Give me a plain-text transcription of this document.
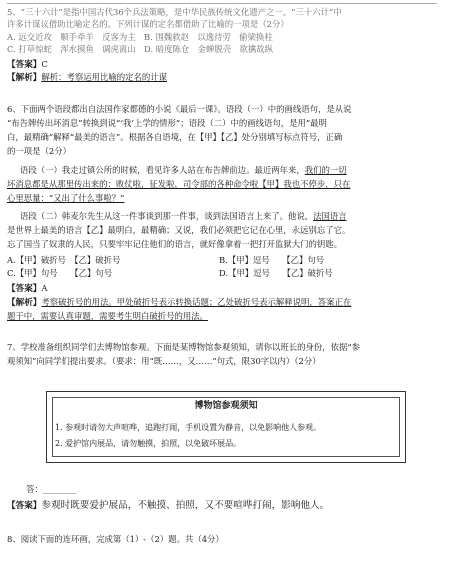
5、“三十六计”是指中国古代36个兵法策略，是中华民族传统文化遗产之一。“三十六计”中
许多计谋议借助比喻定名的。下列计谋的定名都借助了比喻的一项是（2分）
A. 远交近攻　顺手牵羊　反客为主　B. 围魏救赵　以逸待劳　偷梁换柱
C. 打草惊蛇　浑水摸鱼　调虎离山　D. 暗度陈仓　金蝉脱壳　欲擒故纵
【答案】C
【解析】解析：考察运用比喻的定名的计谋
6、下面两个语段都出自法国作家都德的小说《最后一课》。语段（一）中的画线语句，是从说
“布告牌传出坏消息”转换到说“‘我’上学的情形”；语段（二）中的画线语句，是用“最明
白，最精确”解释“最美的语言”。根据各自语境，在【甲】【乙】处分别填写标点符号，正确
的一项是（2分）
语段（一）我走过镇公所的时候，看见许多人站在布告牌前边。最近两年来，我们的一切
坏消息都是从那里传出来的：败仗啦，征发啦，司令部的各种命令啦【甲】我也不停步，只在
心里思量：“又出了什么事啦？”
语段（二）韩麦尔先生从这一件事谈到那一件事，谈到法国语言上来了。他说，法国语言
是世界上最美的语言【乙】最明白，最精确；又说，我们必须把它记在心里，永远别忘了它。
忘了国当了奴隶的人民，只要牢牢记住他们的语言，就好像拿着一把打开监狱大门的钥匙。
A.【甲】破折号　【乙】破折号	B.【甲】逗号　　【乙】句号
C.【甲】句号　　【乙】句号	D.【甲】逗号　　【乙】破折号
【答案】A
【解析】考察破折号的用法。甲处破折号表示转换话题；乙处破折号表示解释说明，答案正在
题干中，需要认真审题，需要考生明白破折号的用法。
7、学校准备组织同学们去博物馆参观。下面是某博物馆参观须知，请你以班长的身份，依据“参
观须知”向同学们提出要求。（要求：用“既……，又……”句式，限30字以内）（2分）
博物馆参观须知
1. 参观时请勿大声喧哗，追跑打闹，手机设置为静音，以免影响他人参观。
2. 爱护馆内展品，请勿触摸，拍照，以免破坏展品。
答：________
【答案】参观时既要爱护展品，不触摸、拍照，又不要喧哗打闹，影响他人。
8、阅读下面的连环画，完成第（1）-（2）题。共（4分）
